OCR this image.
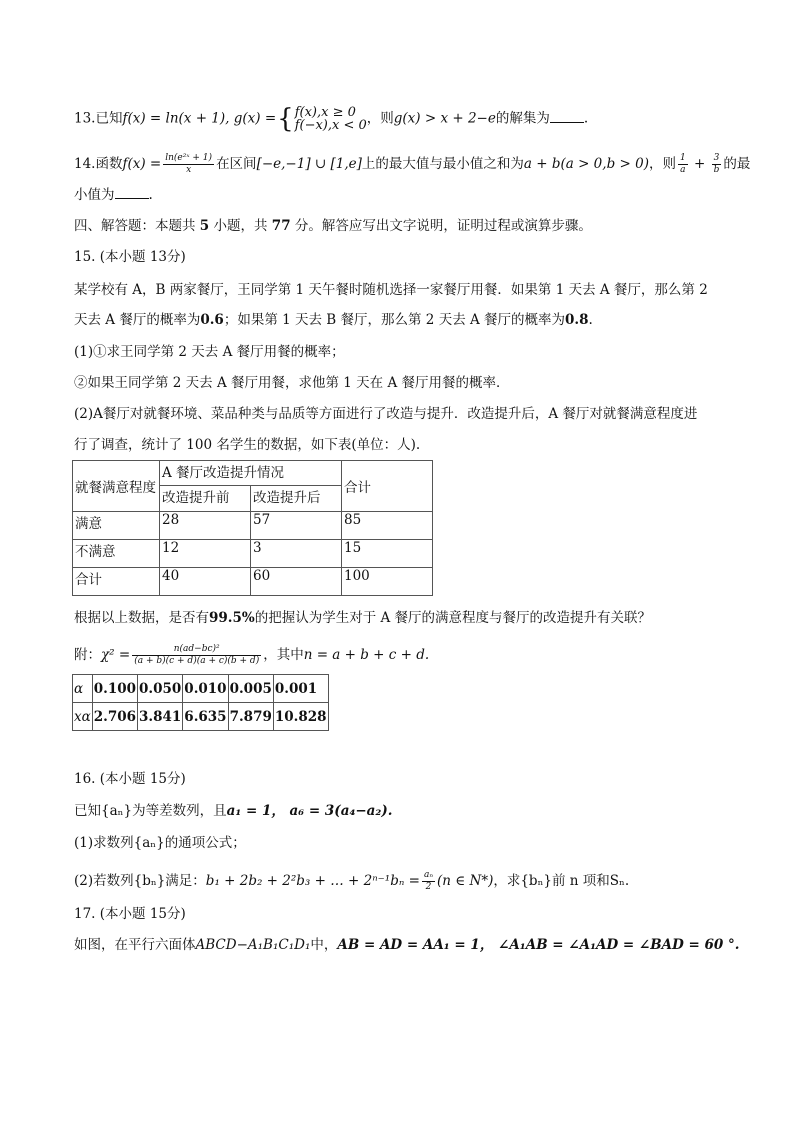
13.已知f(x) = ln(x + 1), g(x) ={ f(x),x ≥ 0
f(−x),x < 0 ，则g(x) > x + 2−e的解集为	.
14.函数$f(x) = \frac{\text{ln(e²ˣ + 1)}}{x}$ 在区间[−e,−1] ∪ [1,e]上的最大值与最小值之和为a + b(a > 0,b > 0)，则 $\frac{1}{a} + \frac{3}{b}$ 的最
小值为	.
四、解答题：本题共 5 小题，共 77 分。解答应写出文字说明，证明过程或演算步骤。
15. (本小题 13分)
某学校有 A，B 两家餐厅，王同学第 1 天午餐时随机选择一家餐厅用餐．如果第 1 天去 A 餐厅，那么第 2
天去 A 餐厅的概率为0.6；如果第 1 天去 B 餐厅，那么第 2 天去 A 餐厅的概率为0.8.
(1)①求王同学第 2 天去 A 餐厅用餐的概率；
②如果王同学第 2 天去 A 餐厅用餐，求他第 1 天在 A 餐厅用餐的概率．
(2)A餐厅对就餐环境、菜品种类与品质等方面进行了改造与提升．改造提升后，A 餐厅对就餐满意程度进
行了调查，统计了 100 名学生的数据，如下表(单位：人).
就餐满意程度	A 餐厅改造提升情况		合计
	改造提升前	改造提升后	
满意	28	57	85
不满意	12	3	15
合计	40	60	100
根据以上数据，是否有99.5%的把握认为学生对于 A 餐厅的满意程度与餐厅的改造提升有关联？
附：$\chi^2 = \frac{\text{n(ad−bc)²}}{(a + b)(c + d)(a + c)(b + d)}$ ，其中n = a + b + c + d.
α	0.100	0.050	0.010	0.005	0.001
xα	2.706	3.841	6.635	7.879	10.828
16. (本小题 15分)
已知{aₙ}为等差数列，且a₁ = 1， a₆ = 3(a₄−a₂).
(1)求数列{aₙ}的通项公式；
(2)若数列{bₙ}满足：b₁ + 2b₂ + 2²b₃ + … + $2^{n-1}b_n = \frac{\text{aₙ}}{2} (n$ ∈ N*)，求{bₙ}前 n 项和Sₙ.
17. (本小题 15分)
如图，在平行六面体ABCD−A₁B₁C₁D₁中，AB = AD = AA₁ = 1， ∠A₁AB = ∠A₁AD = ∠BAD = 60 °.
